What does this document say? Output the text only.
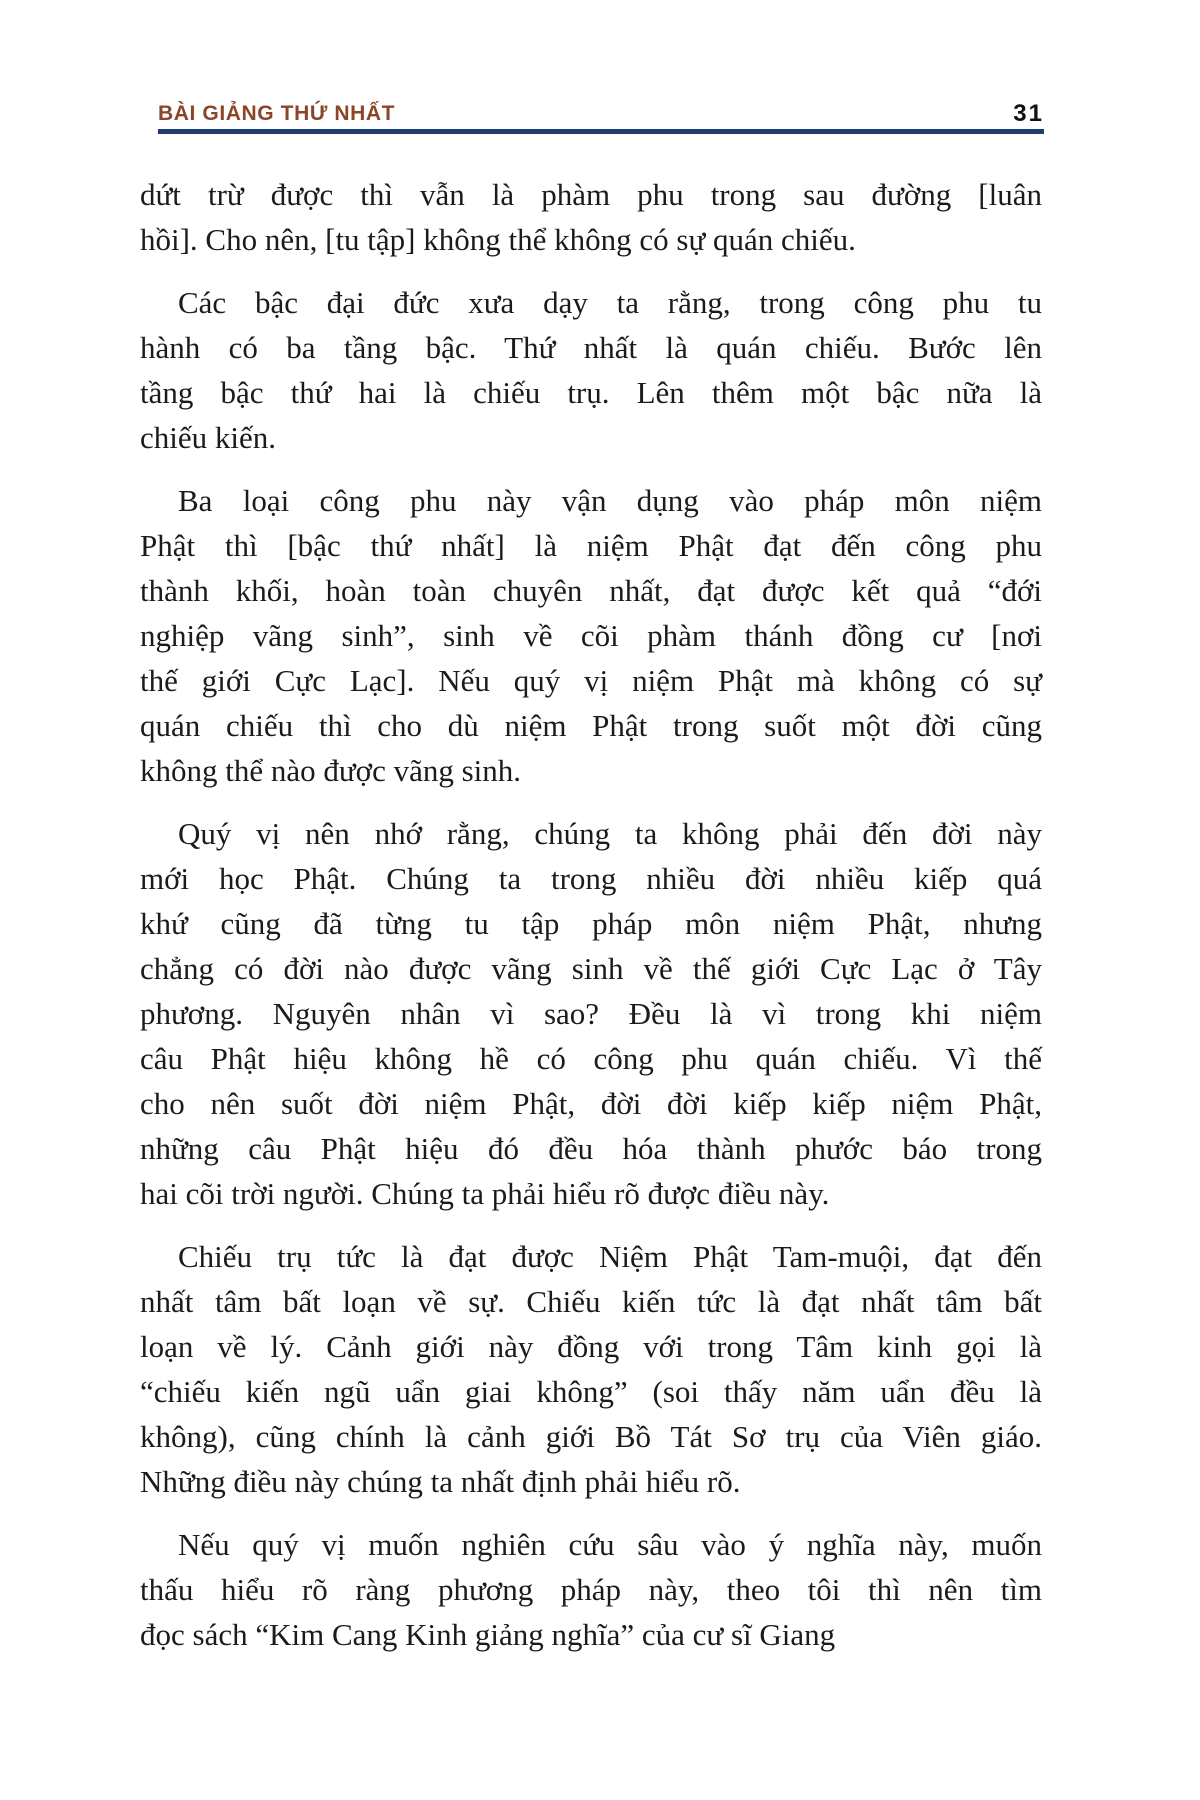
BÀI GIẢNG THỨ NHẤT	31
dứt trừ được thì vẫn là phàm phu trong sau đường [luân
hồi]. Cho nên, [tu tập] không thể không có sự quán chiếu.
Các bậc đại đức xưa dạy ta rằng, trong công phu tu
hành có ba tầng bậc. Thứ nhất là quán chiếu. Bước lên
tầng bậc thứ hai là chiếu trụ. Lên thêm một bậc nữa là
chiếu kiến.
Ba loại công phu này vận dụng vào pháp môn niệm
Phật thì [bậc thứ nhất] là niệm Phật đạt đến công phu
thành khối, hoàn toàn chuyên nhất, đạt được kết quả “đới
nghiệp vãng sinh”, sinh về cõi phàm thánh đồng cư [nơi
thế giới Cực Lạc]. Nếu quý vị niệm Phật mà không có sự
quán chiếu thì cho dù niệm Phật trong suốt một đời cũng
không thể nào được vãng sinh.
Quý vị nên nhớ rằng, chúng ta không phải đến đời này
mới học Phật. Chúng ta trong nhiều đời nhiều kiếp quá
khứ cũng đã từng tu tập pháp môn niệm Phật, nhưng
chẳng có đời nào được vãng sinh về thế giới Cực Lạc ở Tây
phương. Nguyên nhân vì sao? Đều là vì trong khi niệm
câu Phật hiệu không hề có công phu quán chiếu. Vì thế
cho nên suốt đời niệm Phật, đời đời kiếp kiếp niệm Phật,
những câu Phật hiệu đó đều hóa thành phước báo trong
hai cõi trời người. Chúng ta phải hiểu rõ được điều này.
Chiếu trụ tức là đạt được Niệm Phật Tam-muội, đạt đến
nhất tâm bất loạn về sự. Chiếu kiến tức là đạt nhất tâm bất
loạn về lý. Cảnh giới này đồng với trong Tâm kinh gọi là
“chiếu kiến ngũ uẩn giai không” (soi thấy năm uẩn đều là
không), cũng chính là cảnh giới Bồ Tát Sơ trụ của Viên giáo.
Những điều này chúng ta nhất định phải hiểu rõ.
Nếu quý vị muốn nghiên cứu sâu vào ý nghĩa này, muốn
thấu hiểu rõ ràng phương pháp này, theo tôi thì nên tìm
đọc sách “Kim Cang Kinh giảng nghĩa” của cư sĩ Giang
